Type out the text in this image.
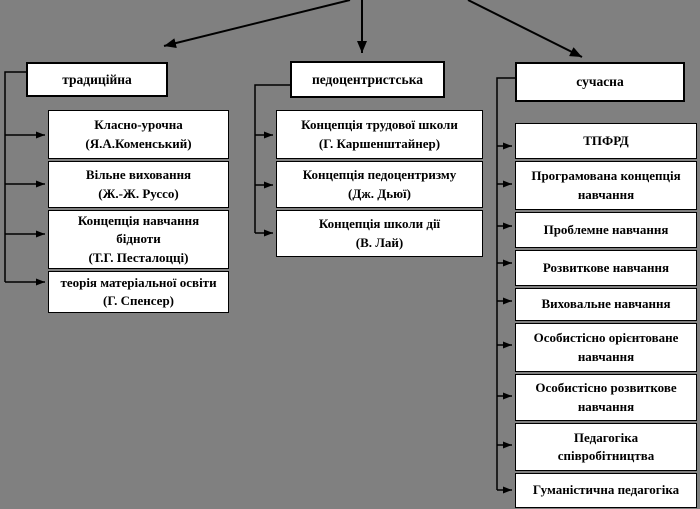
традиційна	педоцентристська	сучасна
Класно-урочна
(Я.А.Коменський)
Вільне виховання
(Ж.-Ж. Руссо)
Концепція навчання
бідноти
(Т.Г. Песталоцці)
теорія матеріальної освіти
(Г. Спенсер)
Концепція трудової школи
(Г. Каршенштайнер)
Концепція педоцентризму
(Дж. Дьюї)
Концепція школи дії
(В. Лай)
ТПФРД
Програмована концепція
навчання
Проблемне навчання
Розвиткове навчання
Виховальне навчання
Особистісно орієнтоване
навчання
Особистісно розвиткове
навчання
Педагогіка
співробітництва
Гуманістична педагогіка
